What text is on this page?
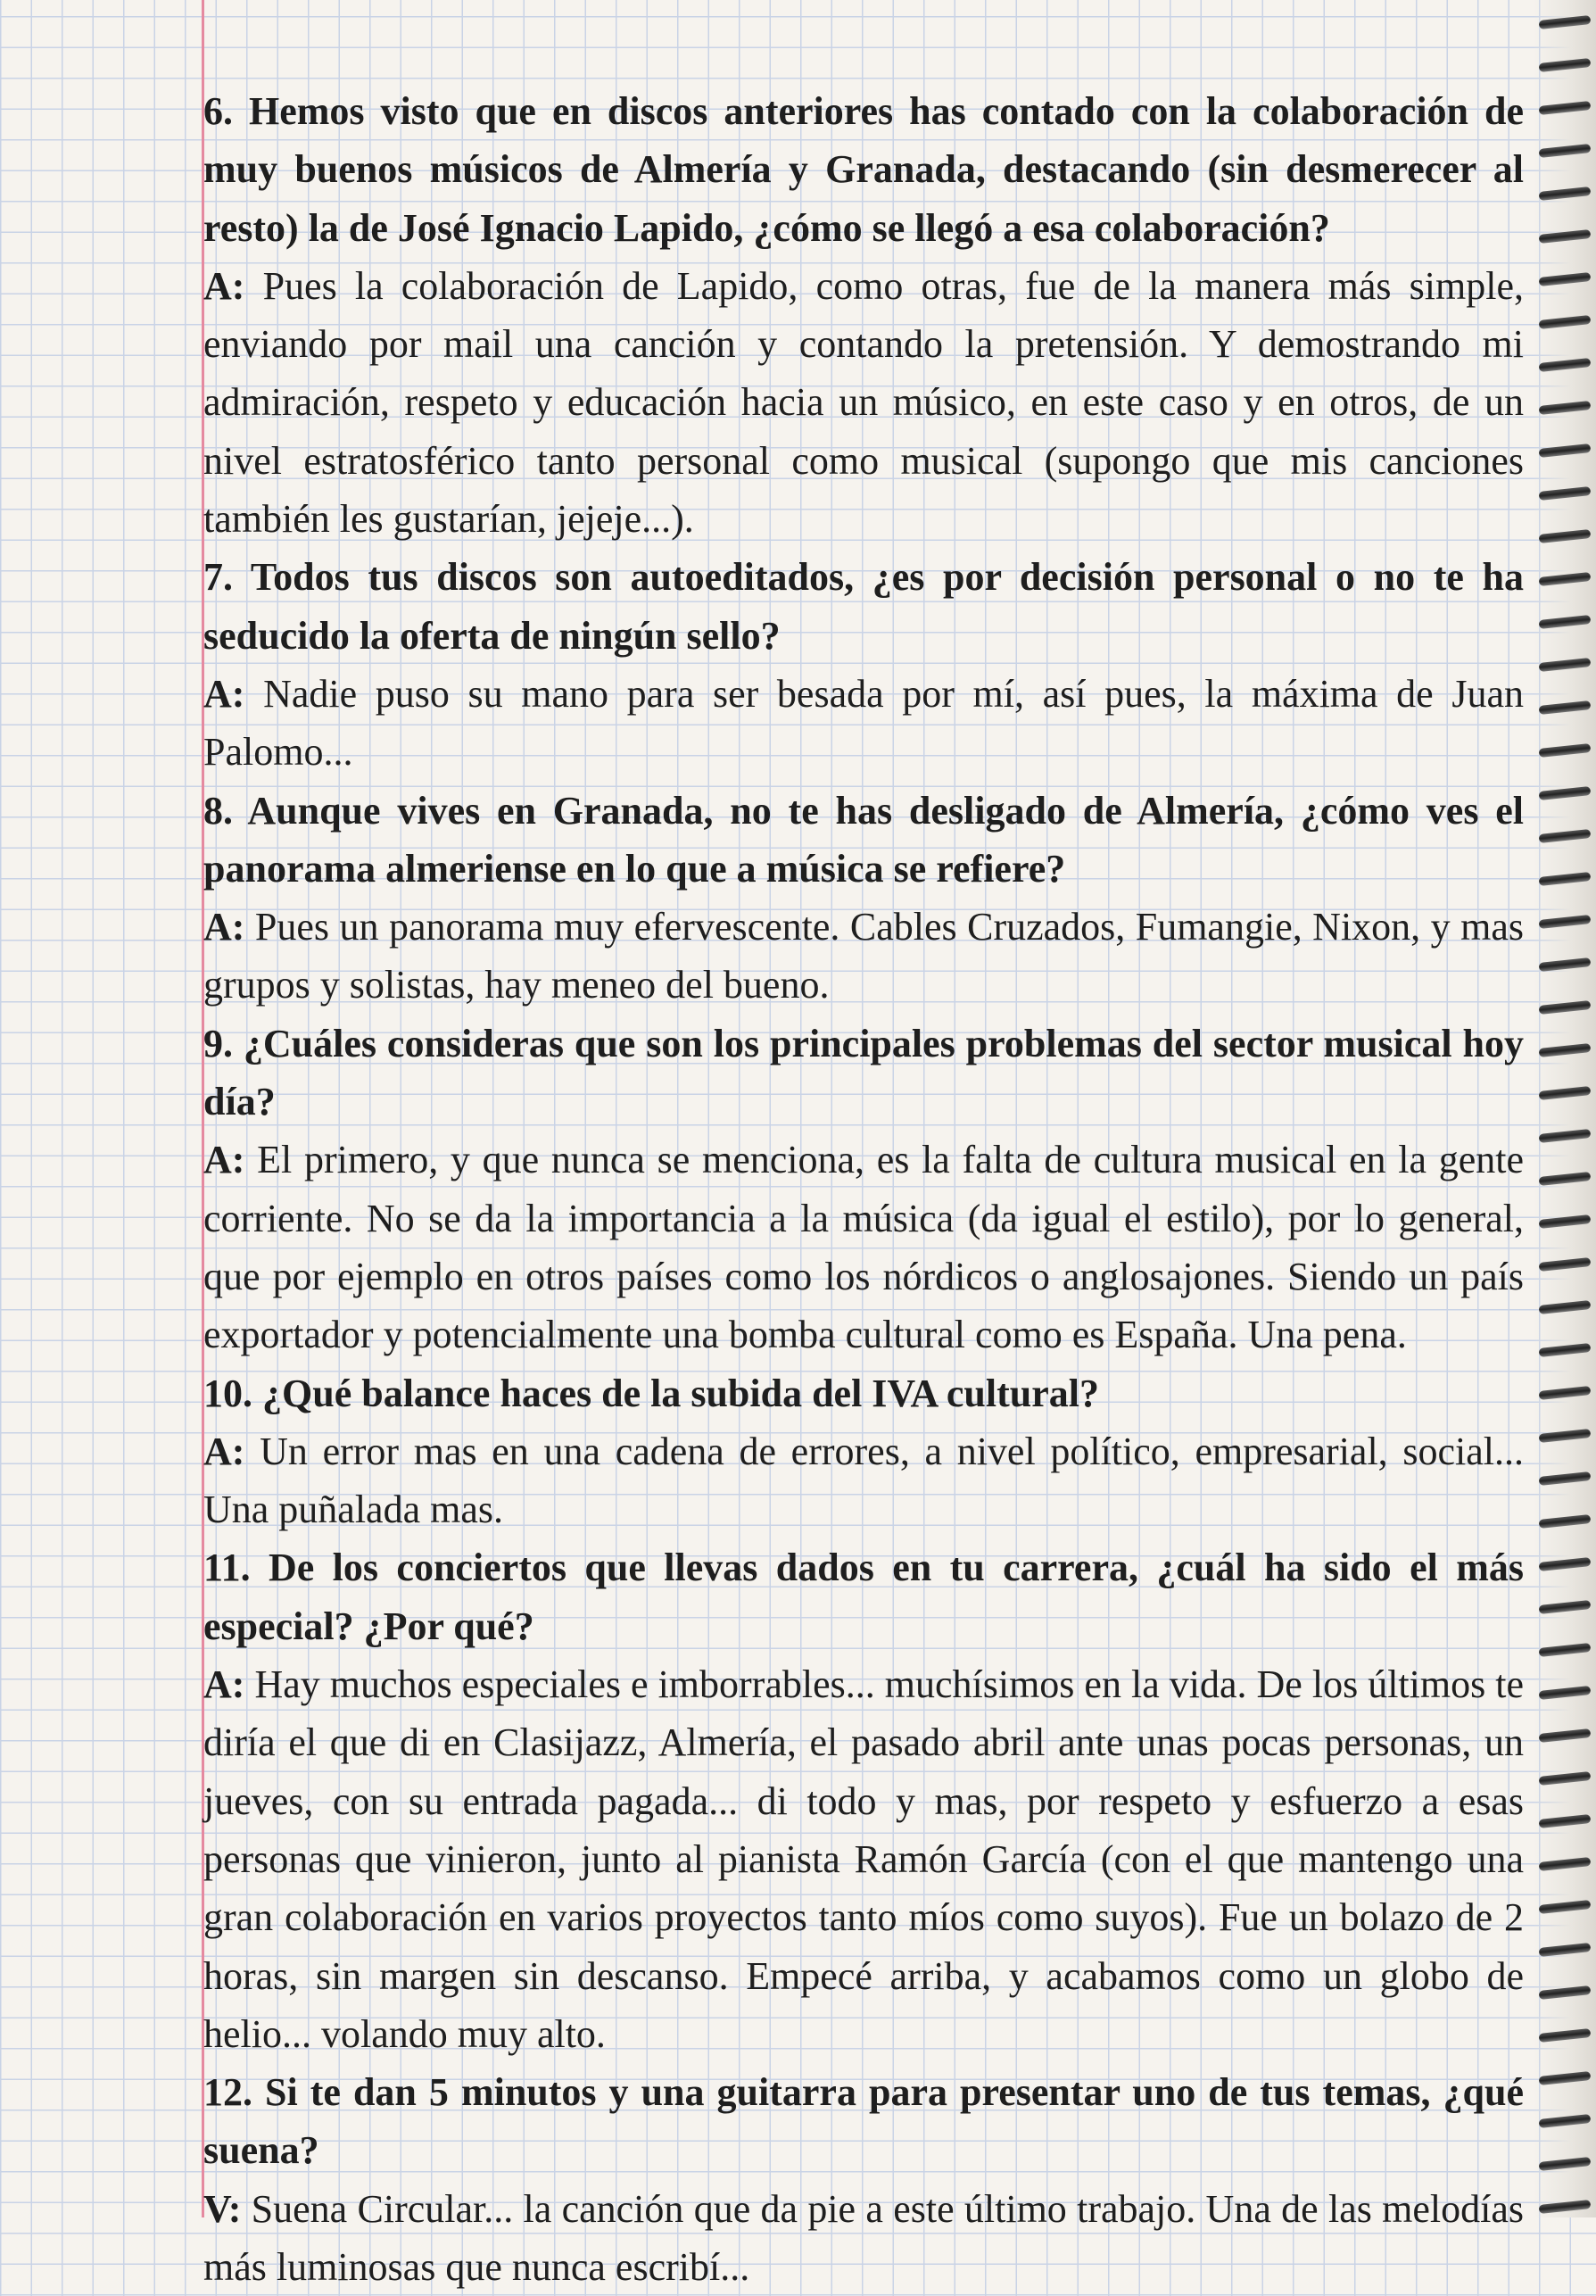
6. Hemos visto que en discos anteriores has contado con la colaboración de muy buenos músicos de Almería y Granada, destacando (sin desmerecer al resto) la de José Ignacio Lapido, ¿cómo se llegó a esa colaboración?

A: Pues la colaboración de Lapido, como otras, fue de la manera más simple, enviando por mail una canción y contando la pretensión. Y demostrando mi admiración, respeto y educación hacia un músico, en este caso y en otros, de un nivel estratosférico tanto personal como musical (supongo que mis canciones también les gustarían, jejeje...).

7. Todos tus discos son autoeditados, ¿es por decisión personal o no te ha seducido la oferta de ningún sello?

A: Nadie puso su mano para ser besada por mí, así pues, la máxima de Juan Palomo...

8. Aunque vives en Granada, no te has desligado de Almería, ¿cómo ves el panorama almeriense en lo que a música se refiere?

A: Pues un panorama muy efervescente. Cables Cruzados, Fumangie, Nixon, y mas grupos y solistas, hay meneo del bueno.

9. ¿Cuáles consideras que son los principales problemas del sector musical hoy día?

A: El primero, y que nunca se menciona, es la falta de cultura musical en la gente corriente. No se da la importancia a la música (da igual el estilo), por lo general, que por ejemplo en otros países como los nórdicos o anglosajones. Siendo un país exportador y potencialmente una bomba cultural como es España. Una pena.

10. ¿Qué balance haces de la subida del IVA cultural?

A: Un error mas en una cadena de errores, a nivel político, empresarial, social... Una puñalada mas.

11. De los conciertos que llevas dados en tu carrera, ¿cuál ha sido el más especial? ¿Por qué?

A: Hay muchos especiales e imborrables... muchísimos en la vida. De los últimos te diría el que di en Clasijazz, Almería, el pasado abril ante unas pocas personas, un jueves, con su entrada pagada... di todo y mas, por respeto y esfuerzo a esas personas que vinieron, junto al pianista Ramón García (con el que mantengo una gran colaboración en varios proyectos tanto míos como suyos). Fue un bolazo de 2 horas, sin margen sin descanso. Empecé arriba, y acabamos como un globo de helio... volando muy alto.

12. Si te dan 5 minutos y una guitarra para presentar uno de tus temas, ¿qué suena?

V: Suena Circular... la canción que da pie a este último trabajo. Una de las melodías más luminosas que nunca escribí...
